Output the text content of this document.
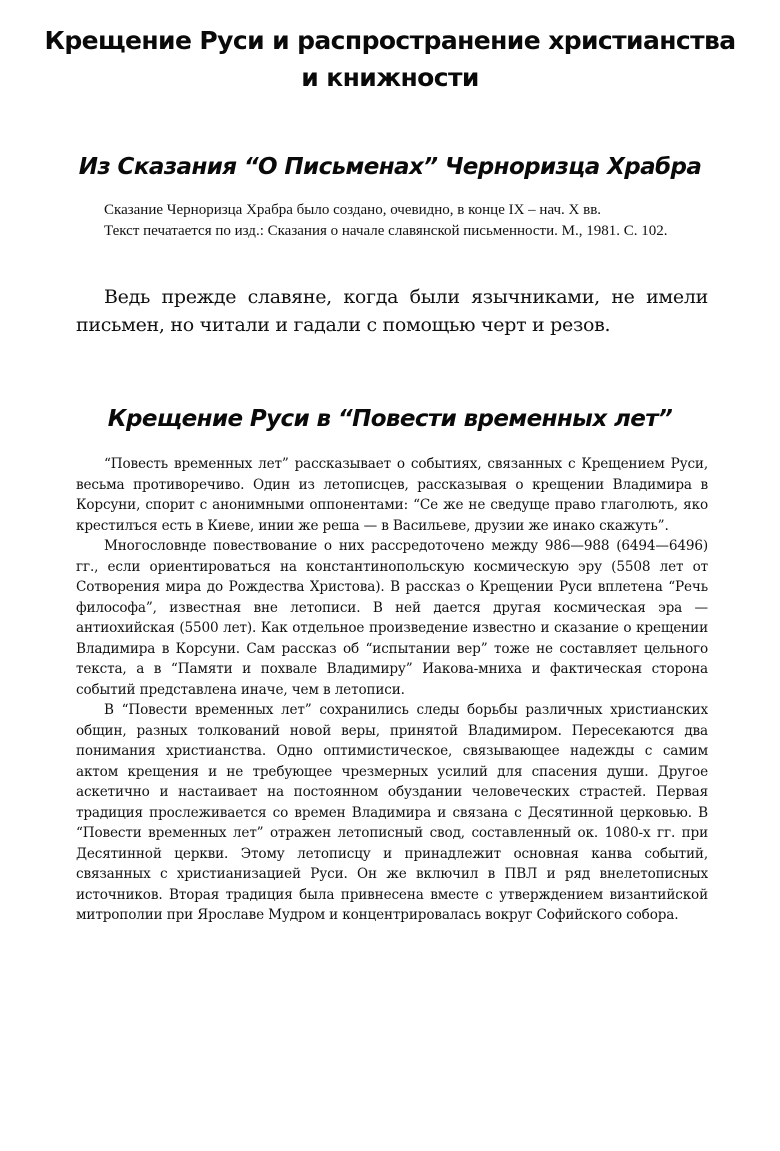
Крещение Руси и распространение христианства и книжности
Из Сказания “О Письменах” Черноризца Храбра

Сказание Черноризца Храбра было создано, очевидно, в конце IX – нач. X вв.

Текст печатается по изд.: Сказания о начале славянской письменности. М., 1981. С. 102.

Ведь прежде славяне, когда были язычниками, не имели письмен, но читали и гадали с помощью черт и резов.

Крещение Руси в “Повести временных лет”

“Повесть временных лет” рассказывает о событиях, связанных с Крещением Руси, весьма противоречиво. Один из летописцев, рассказывая о крещении Владимира в Корсуни, спорит с анонимными оппонентами: “Се же не сведуще право глаголють, яко крестилъся есть в Киеве, инии же реша — в Васильеве, друзии же инако скажуть”.

Многословнде повествование о них рассредоточено между 986—988 (6494—6496) гг., если ориентироваться на константинопольскую космическую эру (5508 лет от Сотворения мира до Рождества Христова). В рассказ о Крещении Руси вплетена “Речь философа”, известная вне летописи. В ней дается другая космическая эра — антиохийская (5500 лет). Как отдельное произведение известно и сказание о крещении Владимира в Корсуни. Сам рассказ об “испытании вер” тоже не составляет цельного текста, а в “Памяти и похвале Владимиру” Иакова-мниха и фактическая сторона событий представлена иначе, чем в летописи.

В “Повести временных лет” сохранились следы борьбы различных христианских общин, разных толкований новой веры, принятой Владимиром. Пересекаются два понимания христианства. Одно оптимистическое, связывающее надежды с самим актом крещения и не требующее чрезмерных усилий для спасения души. Другое аскетично и настаивает на постоянном обуздании человеческих страстей. Первая традиция прослеживается со времен Владимира и связана с Десятинной церковью. В “Повести временных лет” отражен летописный свод, составленный ок. 1080-х гг. при Десятинной церкви. Этому летописцу и принадлежит основная канва событий, связанных с христианизацией Руси. Он же включил в ПВЛ и ряд внелетописных источников. Вторая традиция была привнесена вместе с утверждением византийской митрополии при Ярославе Мудром и концентрировалась вокруг Софийского собора.
